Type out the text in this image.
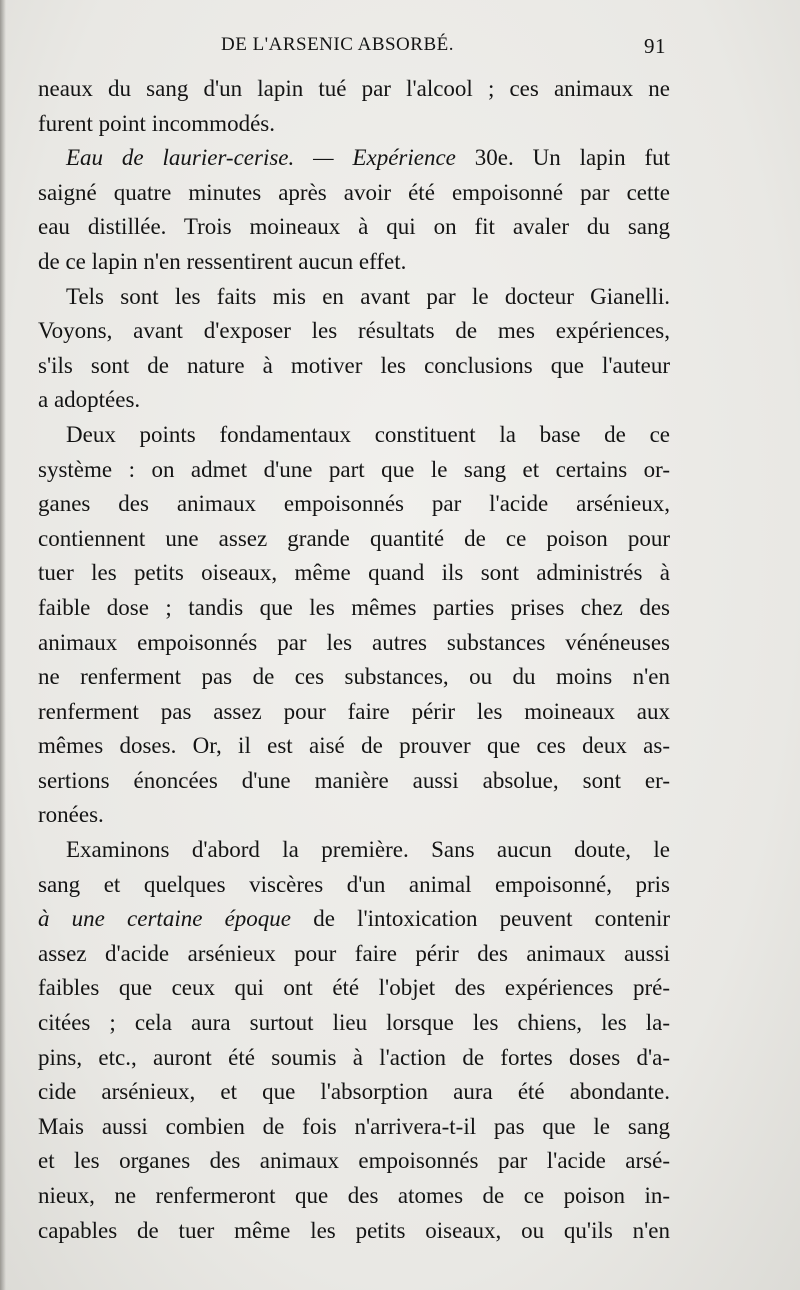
DE L'ARSENIC ABSORBÉ.	91
neaux du sang d'un lapin tué par l'alcool ; ces animaux ne
furent point incommodés.
Eau de laurier-cerise. — Expérience 30e. Un lapin fut
saigné quatre minutes après avoir été empoisonné par cette
eau distillée. Trois moineaux à qui on fit avaler du sang
de ce lapin n'en ressentirent aucun effet.
Tels sont les faits mis en avant par le docteur Gianelli.
Voyons, avant d'exposer les résultats de mes expériences,
s'ils sont de nature à motiver les conclusions que l'auteur
a adoptées.
Deux points fondamentaux constituent la base de ce
système : on admet d'une part que le sang et certains or-
ganes des animaux empoisonnés par l'acide arsénieux,
contiennent une assez grande quantité de ce poison pour
tuer les petits oiseaux, même quand ils sont administrés à
faible dose ; tandis que les mêmes parties prises chez des
animaux empoisonnés par les autres substances vénéneuses
ne renferment pas de ces substances, ou du moins n'en
renferment pas assez pour faire périr les moineaux aux
mêmes doses. Or, il est aisé de prouver que ces deux as-
sertions énoncées d'une manière aussi absolue, sont er-
ronées.
Examinons d'abord la première. Sans aucun doute, le
sang et quelques viscères d'un animal empoisonné, pris
à une certaine époque de l'intoxication peuvent contenir
assez d'acide arsénieux pour faire périr des animaux aussi
faibles que ceux qui ont été l'objet des expériences pré-
citées ; cela aura surtout lieu lorsque les chiens, les la-
pins, etc., auront été soumis à l'action de fortes doses d'a-
cide arsénieux, et que l'absorption aura été abondante.
Mais aussi combien de fois n'arrivera-t-il pas que le sang
et les organes des animaux empoisonnés par l'acide arsé-
nieux, ne renfermeront que des atomes de ce poison in-
capables de tuer même les petits oiseaux, ou qu'ils n'en
